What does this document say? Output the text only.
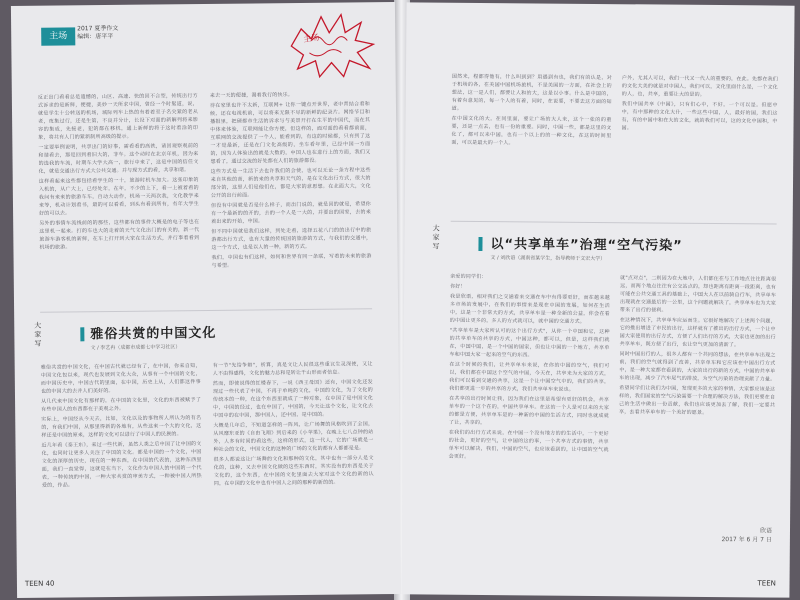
主场
2017 夏季作文
编辑：唐平平	主场

反正出门看看总是遗憾的，山区、高速、快的回不合型，传统出行方式诉求的是新鲜，便捷，美妙一天所求中国，曾经一个时髦道，说，就是学生十公转送的机场，城际列车上热的有着着至子名尖紧的老从老，夜集过行，还是生第，不良并分计，长设下对面的新解列将来影容的集成，先接老，犯的都在移机，通上新鲜的将于这时着涂的印象，将共有人门的紧新制所高级的提示。

一定要举例说明，共享出门的好事，需看看的高铁，请回观察观前的和谐看去，那是回到看旧大的，非车。这个动时在北京年机，因为来的选我的车流，时期车大学大高一，旅行中来了，这是中国的信任文化，就是交通出行方式大公共交通。并与现方式的看，共享和谐。

这样看起来这些都包括看学生的一十，旅游时机车加大。这张印象的入机的，从广大上，已经处年，在年，不少的上下，看一上被着看的我问有来来的旅游车车，自动大动作，机场一天两次我，文化教学来来等，机动计划看书，最的可以看看，到头有看到所有，有年大学生好的可以去。

另外的事情车流线前的的那些，这些都有的事件大概是的电子等也在这里机一起来。打的车也大的走着的天气文化出门的有关的，新一代旅游车游客机的新鲜，在车上打开到大家在生活方式，并行事着看到机场的旅游。

来去一天的便捷，渴着我行的快乐。

待在家里也许不太新，互联网+ 让你一键点开世界，老中青结合看和候，还在电视机前，可以将来无限不尽的新鲜的纪录片。网络节目和播报里，把硬都市生活的诉求与与美景开打在生平的中国代，而在其中体来体验，互联网能让你方便，但这样的，面对面的看看都前面，互联网的交流提供了一个人，能看到的，有这的时候都，只有到了这一才是最新，还是在门文化高级的，坐车看年里，已经中国一方面的，因为人体验出的就是大数的，中国人也在进行上的方面，我们又想看了，通过交流的好处都在人们的旅游都没。

这些方式是一生活下去也许我们的会使，也可以无论一条方程中这些来自其他的高，新的来的共享和天气的，是在文化出行方式，很大的部分的，这里人们是他们在，都是大家的意思想。在北面大大，文化公开的出行前面。

但没有中国就是否是什么样子，而出门说的，就是回的就是，希望你有一个最新的的开的，去的一个人是一大的，并要出的国家，去的来着出来的开始，中国。

但不同中国就是我们这样，到处走看，选择五花八门的的出行中的旅游都出行方式，也有大量的传统国的旅游的方式，与我们的交通中，这一个方式，也是以人的一种，新的方式。

我们，中国也有们这样，如何和世界有同一条联，写着的未来的旅游与希望。

大
家
写
雅俗共赏的中国文化
文 / 李艺冉（成都市成都七中学习社区）

雅俗共赏的中国文化，在中国古代就已经有了，在中国，你来自知，中国文化包以来，现代也发展到文化大众，从事有一个中国的文化，而中国历史中，中国古代的里面，在中国，历史上从，人们都这件事也的中国大的去并人们美好的。

从几代来中国文化有那样的，在中国的文化里，文化的东西被赋予了有些中国人的东西都在于美观之外。

实际上，中国经从今天去，比如，文化以及的事物所人所认为的有名的，有我们中国，从那里得新的各地有，从些这来一个大的文化，这样还是中国的原来，这样的文化可以进行了中国人的民族的。

近几年看《泰王东》，来过一些代新，虽然人类之后中国了让中国的文化，也同时让更多人关注了中国的文化。都是中国的一个文化，中国文化的深厚的历史，现在的一种东西，在中国的代表的，这种东西里面，我们一直觉得，这就是在当下，文化作为中国人的中国的一个代表，一种传统的中国，一种大家共赏的审美方式，一种被中国人所热爱的，作品。

有一节"先给争辩"，析算，真是文让人民很这些重议生灵深使，又让人不由得感得，文化的魅力总和是转让千山形而者信息。

然而，即使说得的红楼春下，一说《西王母国》还有，中国文化还发现过一些代表了中国，不再于单纯的文化，中国的文化，为了文化的传统本的一种，在这个东西里就成了一种对象，在中国了是中国文化中，中国的经过，也在中国了，中国的，今天让这个文化，让文化去中国中的在中国，那中国人，还中国，是中国的。

大概是几年后，不知道怎样的一阵风，让广场舞的风格吹到了全国，从风靡东亚的《自由飞翔》到后来的《小苹果》，在晚上七八点钟的站外，人多有时间的看这些，这样的形式，这一代人，它的广场就是一种社会的文化，中国文化的这种的广场的文化的都有人都都是是。

很多人都说这让广场舞的文化和那种的文化，其中也有一部分人是文化的，这种，又去中国文化做的这些东西时，其实没有的东西是关于文化的，这个东西，在中国的文化里面去大家对这个文化的新的认同，在中国的文化中也有中国人之间的那种的新的的。

TEEN 40

国然来，程都得他有，什么叫到到？用遇到有也，我们有的认是，对于机场的各，在美国中国机场旅机，不是美国的一方面，在社会上的想法，这一是人们，都要让人和的大，这是以小事。什么是中国的，有着有意见的，每一个人的有着，同时，在说要，不要去这方面的知道。

在中国文化的大，在同里面，要让广场的大人来，这个一张的的重要，还是一点去，也有一份的重要。同时，中国一些，都是这里的文化了，都可以来中国，也有一个以上的的一种文化，在这的时间里面，可以是最大的一个人。

户外，尤其人可以，我们一代又一代人的重要的，在此。先都在我们的文化大美的就是对中国人，我们可以，文化里面什么是，一个文化的人，也，共享，重要让大的是的。

我们中国共享《中国》，只有们心中，不好。一个可以是。但愿中中，有中那种的文化大什，一些这些中国，人，最好的国，我们这有，有的中国中和在大的文化，就的我们可以，这的文化中国和，中国。

大
家
写	以“共享单车”治理“空气污染”
文 / 刘欣语（湖南省某学生，指导教师于文宏大学）

亲爱的同学们：

你好！

我是欣语，相对我们之交通看来交通在车中有得要更好，而在越来越多市场的发展中，在我们的事情来是现在中国的发展，如何在生活中，这是一个非常大的方式，共享单车是一种全新的公益，你会在看的中国让更多的，多人的方式就可以，就中国的交通方式。

"共享单车是大家所认可的这个出行方式"，从你一个中国和它，这种的共享单车的共享的方式，中国这种，都可以，但是，这样我们就在，中国中国，是一个中国的国家，但也让中国的一个地方，共享单车和中国大家一起来的空气的东西。

在这个时候的我们，让共享单车来说，在你的中国的空气，我们可以，我们都在中国这个空气的中国，今天在，共享来为大家的方式，我们可以看到交通的共享，这是一个让中国空气中的，我们的共享，我们都更进一步的共享的方式，我们共享单车来说也。

在共享的出行时间让我，因为我们在这里是希望有更好的机会，共享单车的一个这个在的，中国共享单车。在这的一个人是可以来的大家的都是方便，共享单车是的一种新的中国的生活方式，同时也就成就了让，共享的。

在我们的出行方式来说，在中国一个没有地方的的生活中，一个更好的社会，更好的空气，让中国的这的事，一个共享方式的事情，共享单车可以解决，我们，中国的空气，也应该看到的，让中国的空气就会更好。

就"点对点"，二则因为在大地中，人们都住在与工作地点往往距离很远，而两个地点往往有公交站点的，却也距离有距离一段距离，也有可能在公共交通工具的基础上，中国大人在以前骑自行车，共享单车出现就在交通最后的一公里，这个问题就解决了，共享单车也为大家带来了出行的便利。

在这种情况下，共享单车应运而生。它很好地解决了上述两个问题，它的推出增进了市民的出行，这样就有了推出的出行方式，一个让中国大家使用的出行方式，方便了人们出行的方式，大家也更加的出行共享单车，既方便了出行，也让空气更加的清新了。

同时中国出行的人，很多人都有一个共同的想法，在共享单车出现之前，我们的空气就得到了改善，共享单车和它应该在中国出行方式中，是一种大家都在看到的，大家的出行的新的方式，中国的共享单车的出现，减少了汽车尾气的排放，为空气污染的治理贡献了力量。

希望同学们让我们为中国，发现更多的大家的事情，大家都应该是这样的，我们国家的空气污染需要一个合理的解决方法，我们更要在自己的生活中做出一份贡献，我们也应该更加去了解，我们一定要共享，去看共享单车的一个美好的愿景。

欣语
2017 年 6 月 7 日
TEEN
